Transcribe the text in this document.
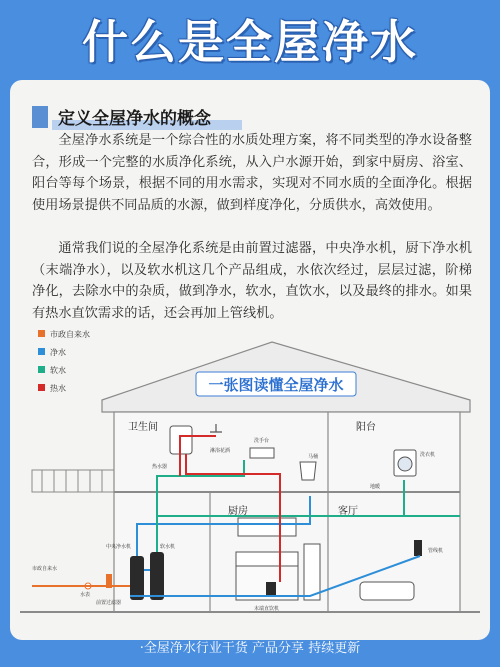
什么是全屋净水
定义全屋净水的概念

全屋净水系统是一个综合性的水质处理方案，将不同类型的净水设备整合，形成一个完整的水质净化系统，从入户水源开始，到家中厨房、浴室、阳台等每个场景，根据不同的用水需求，实现对不同水质的全面净化。根据使用场景提供不同品质的水源，做到样度净化，分质供水，高效使用。

通常我们说的全屋净化系统是由前置过滤器，中央净水机，厨下净水机（末端净水），以及软水机这几个产品组成，水依次经过，层层过滤，阶梯净化，去除水中的杂质，做到净水，软水，直饮水，以及最终的排水。如果有热水直饮需求的话，还会再加上管线机。

一张图读懂全屋净水
市政自来水
净水
软水
热水
卫生间	阳台
厨房	客厅
热水器
淋浴花洒
洗手台
马桶	洗衣机
地暖
中央净水机	软水机
前置过滤器
市政自来水
水表
末端直饮机
管线机
·全屋净水行业干货 产品分享 持续更新
